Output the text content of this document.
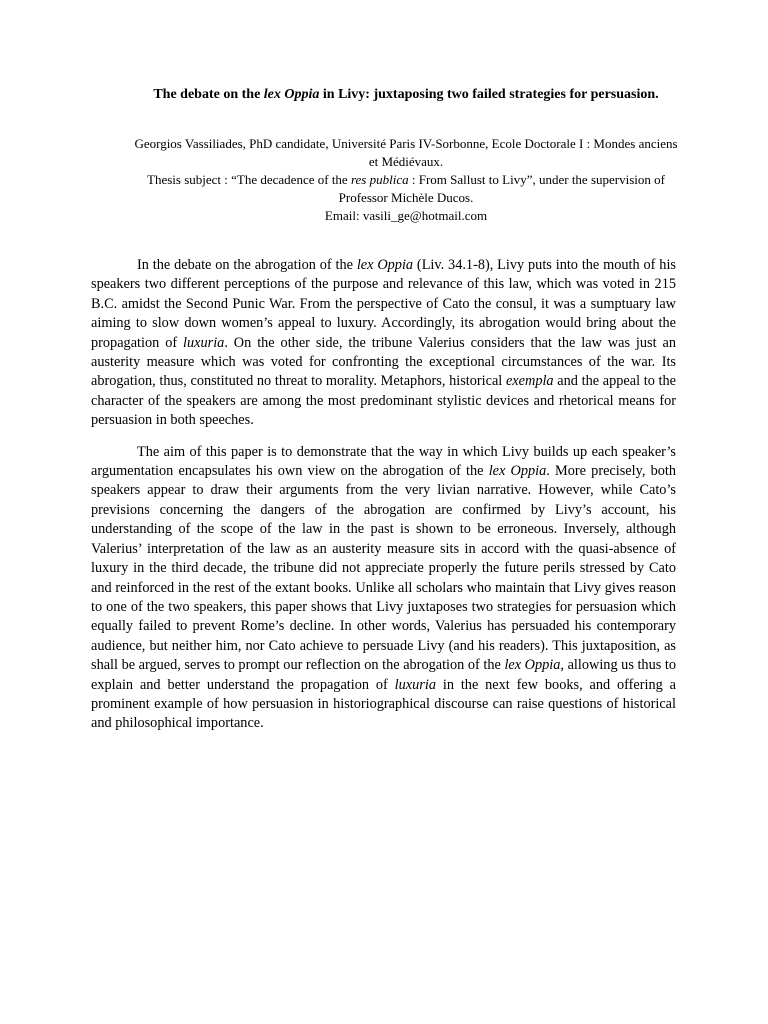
The debate on the lex Oppia in Livy: juxtaposing two failed strategies for persuasion.

Georgios Vassiliades, PhD candidate, Université Paris IV-Sorbonne, Ecole Doctorale I : Mondes anciens et Médiévaux.

Thesis subject : “The decadence of the res publica : From Sallust to Livy”, under the supervision of Professor Michèle Ducos.

Email: vasili_ge@hotmail.com

In the debate on the abrogation of the lex Oppia (Liv. 34.1-8), Livy puts into the mouth of his speakers two different perceptions of the purpose and relevance of this law, which was voted in 215 B.C. amidst the Second Punic War. From the perspective of Cato the consul, it was a sumptuary law aiming to slow down women’s appeal to luxury. Accordingly, its abrogation would bring about the propagation of luxuria. On the other side, the tribune Valerius considers that the law was just an austerity measure which was voted for confronting the exceptional circumstances of the war. Its abrogation, thus, constituted no threat to morality. Metaphors, historical exempla and the appeal to the character of the speakers are among the most predominant stylistic devices and rhetorical means for persuasion in both speeches.

The aim of this paper is to demonstrate that the way in which Livy builds up each speaker’s argumentation encapsulates his own view on the abrogation of the lex Oppia. More precisely, both speakers appear to draw their arguments from the very livian narrative. However, while Cato’s previsions concerning the dangers of the abrogation are confirmed by Livy’s account, his understanding of the scope of the law in the past is shown to be erroneous. Inversely, although Valerius’ interpretation of the law as an austerity measure sits in accord with the quasi-absence of luxury in the third decade, the tribune did not appreciate properly the future perils stressed by Cato and reinforced in the rest of the extant books. Unlike all scholars who maintain that Livy gives reason to one of the two speakers, this paper shows that Livy juxtaposes two strategies for persuasion which equally failed to prevent Rome’s decline. In other words, Valerius has persuaded his contemporary audience, but neither him, nor Cato achieve to persuade Livy (and his readers). This juxtaposition, as shall be argued, serves to prompt our reflection on the abrogation of the lex Oppia, allowing us thus to explain and better understand the propagation of luxuria in the next few books, and offering a prominent example of how persuasion in historiographical discourse can raise questions of historical and philosophical importance.
